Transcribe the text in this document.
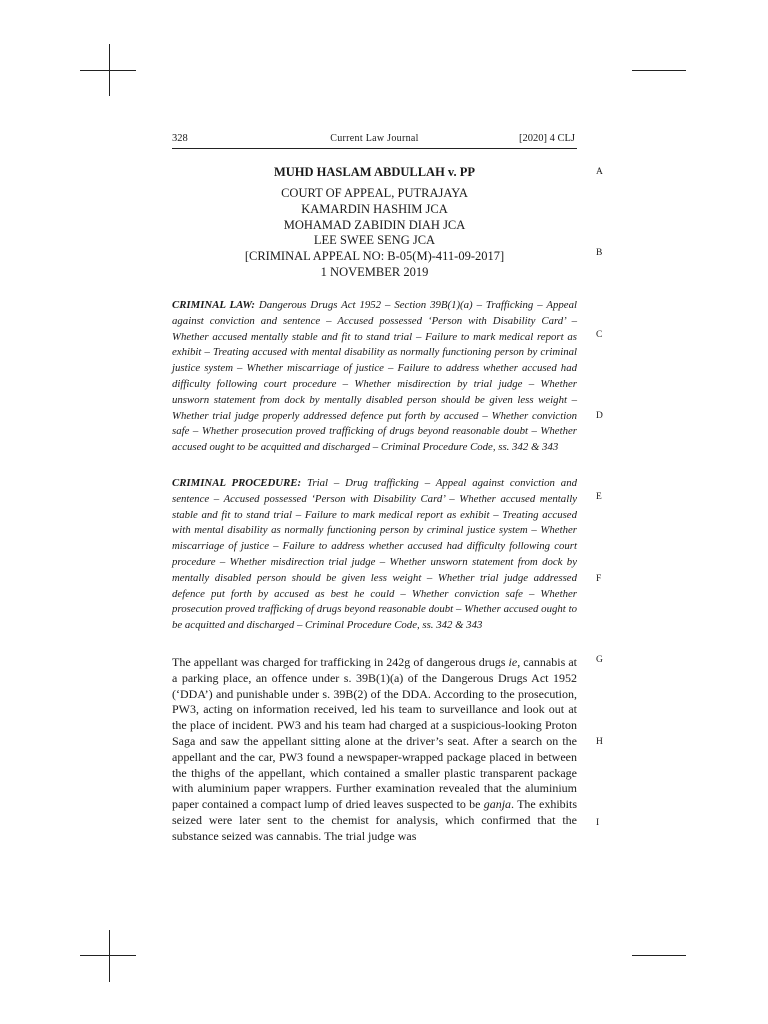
328	Current Law Journal	[2020] 4 CLJ
A
B
C
D
E
F
G
H
I
MUHD HASLAM ABDULLAH v. PP
COURT OF APPEAL, PUTRAJAYA
KAMARDIN HASHIM JCA
MOHAMAD ZABIDIN DIAH JCA
LEE SWEE SENG JCA
[CRIMINAL APPEAL NO: B-05(M)-411-09-2017]
1 NOVEMBER 2019
CRIMINAL LAW: Dangerous Drugs Act 1952 – Section 39B(1)(a) – Trafficking – Appeal against conviction and sentence – Accused possessed ‘Person with Disability Card’ – Whether accused mentally stable and fit to stand trial – Failure to mark medical report as exhibit – Treating accused with mental disability as normally functioning person by criminal justice system – Whether miscarriage of justice – Failure to address whether accused had difficulty following court procedure – Whether misdirection by trial judge – Whether unsworn statement from dock by mentally disabled person should be given less weight – Whether trial judge properly addressed defence put forth by accused – Whether conviction safe – Whether prosecution proved trafficking of drugs beyond reasonable doubt – Whether accused ought to be acquitted and discharged – Criminal Procedure Code, ss. 342 & 343
CRIMINAL PROCEDURE: Trial – Drug trafficking – Appeal against conviction and sentence – Accused possessed ‘Person with Disability Card’ – Whether accused mentally stable and fit to stand trial – Failure to mark medical report as exhibit – Treating accused with mental disability as normally functioning person by criminal justice system – Whether miscarriage of justice – Failure to address whether accused had difficulty following court procedure – Whether misdirection trial judge – Whether unsworn statement from dock by mentally disabled person should be given less weight – Whether trial judge addressed defence put forth by accused as best he could – Whether conviction safe – Whether prosecution proved trafficking of drugs beyond reasonable doubt – Whether accused ought to be acquitted and discharged – Criminal Procedure Code, ss. 342 & 343
The appellant was charged for trafficking in 242g of dangerous drugs ie, cannabis at a parking place, an offence under s. 39B(1)(a) of the Dangerous Drugs Act 1952 (‘DDA’) and punishable under s. 39B(2) of the DDA. According to the prosecution, PW3, acting on information received, led his team to surveillance and look out at the place of incident. PW3 and his team had charged at a suspicious-looking Proton Saga and saw the appellant sitting alone at the driver’s seat. After a search on the appellant and the car, PW3 found a newspaper-wrapped package placed in between the thighs of the appellant, which contained a smaller plastic transparent package with aluminium paper wrappers. Further examination revealed that the aluminium paper contained a compact lump of dried leaves suspected to be ganja. The exhibits seized were later sent to the chemist for analysis, which confirmed that the substance seized was cannabis. The trial judge was
